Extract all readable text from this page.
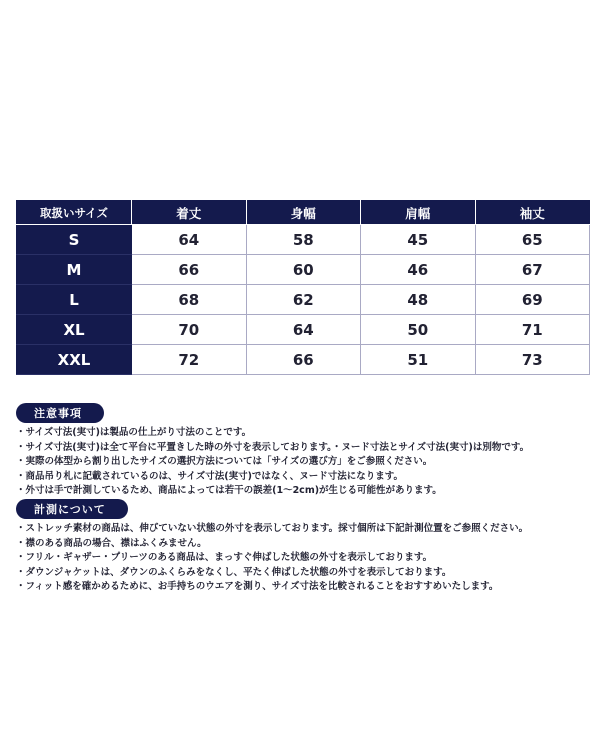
取扱いサイズ	着丈	身幅	肩幅	袖丈
S	64	58	45	65
M	66	60	46	67
L	68	62	48	69
XL	70	64	50	71
XXL	72	66	51	73
注意事項
・サイズ寸法(実寸)は製品の仕上がり寸法のことです。
・サイズ寸法(実寸)は全て平台に平置きした時の外寸を表示しております。・ヌード寸法とサイズ寸法(実寸)は別物です。
・実際の体型から割り出したサイズの選択方法については「サイズの選び方」をご参照ください。
・商品吊り札に記載されているのは、サイズ寸法(実寸)ではなく、ヌード寸法になります。
・外寸は手で計測しているため、商品によっては若干の誤差(1～2cm)が生じる可能性があります。
計測について
・ストレッチ素材の商品は、伸びていない状態の外寸を表示しております。採寸個所は下記計測位置をご参照ください。
・襟のある商品の場合、襟はふくみません。
・フリル・ギャザー・プリーツのある商品は、まっすぐ伸ばした状態の外寸を表示しております。
・ダウンジャケットは、ダウンのふくらみをなくし、平たく伸ばした状態の外寸を表示しております。
・フィット感を確かめるために、お手持ちのウエアを測り、サイズ寸法を比較されることをおすすめいたします。
